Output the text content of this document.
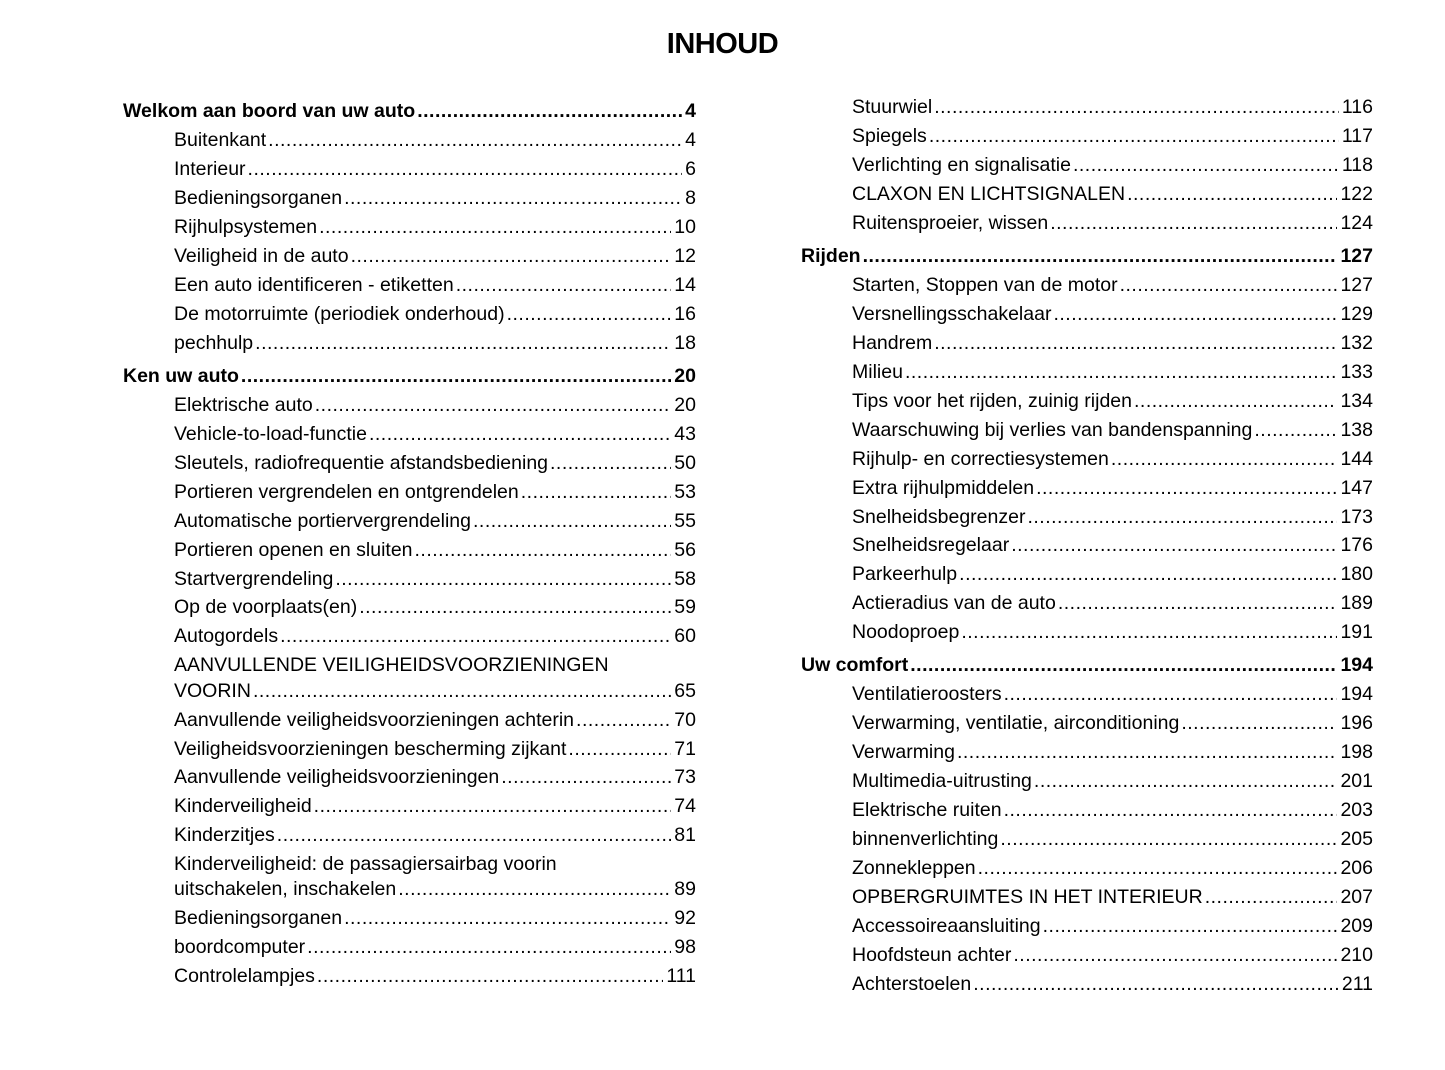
INHOUD
Welkom aan boord van uw auto .....	4
Buitenkant .....	4
Interieur .....	6
Bedieningsorganen .....	8
Rijhulpsystemen .....	10
Veiligheid in de auto .....	12
Een auto identificeren - etiketten .....	14
De motorruimte (periodiek onderhoud) .....	16
pechhulp .....	18
Ken uw auto .....	20
Elektrische auto .....	20
Vehicle-to-load-functie .....	43
Sleutels, radiofrequentie afstandsbediening .....	50
Portieren vergrendelen en ontgrendelen .....	53
Automatische portiervergrendeling .....	55
Portieren openen en sluiten .....	56
Startvergrendeling .....	58
Op de voorplaats(en) .....	59
Autogordels .....	60
AANVULLENDE VEILIGHEIDSVOORZIENINGEN
VOORIN .....	65
Aanvullende veiligheidsvoorzieningen achterin .....	70
Veiligheidsvoorzieningen bescherming zijkant .....	71
Aanvullende veiligheidsvoorzieningen .....	73
Kinderveiligheid .....	74
Kinderzitjes .....	81
Kinderveiligheid: de passagiersairbag voorin
uitschakelen, inschakelen .....	89
Bedieningsorganen .....	92
boordcomputer .....	98
Controlelampjes .....	111
Stuurwiel .....	116
Spiegels .....	117
Verlichting en signalisatie .....	118
CLAXON EN LICHTSIGNALEN .....	122
Ruitensproeier, wissen .....	124
Rijden .....	127
Starten, Stoppen van de motor .....	127
Versnellingsschakelaar .....	129
Handrem .....	132
Milieu .....	133
Tips voor het rijden, zuinig rijden .....	134
Waarschuwing bij verlies van bandenspanning .....	138
Rijhulp- en correctiesystemen .....	144
Extra rijhulpmiddelen .....	147
Snelheidsbegrenzer .....	173
Snelheidsregelaar .....	176
Parkeerhulp .....	180
Actieradius van de auto .....	189
Noodoproep .....	191
Uw comfort .....	194
Ventilatieroosters .....	194
Verwarming, ventilatie, airconditioning .....	196
Verwarming .....	198
Multimedia-uitrusting .....	201
Elektrische ruiten .....	203
binnenverlichting .....	205
Zonnekleppen .....	206
OPBERGRUIMTES IN HET INTERIEUR .....	207
Accessoireaansluiting .....	209
Hoofdsteun achter .....	210
Achterstoelen .....	211
